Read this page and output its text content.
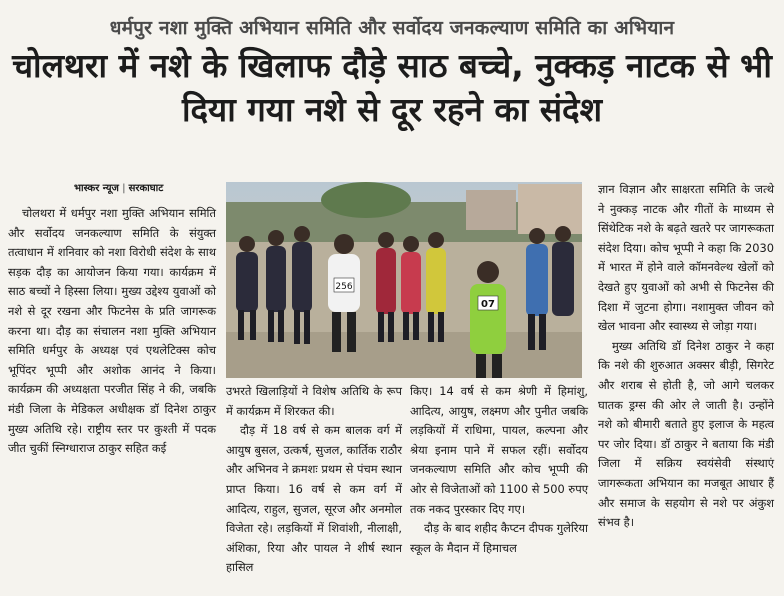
धर्मपुर नशा मुक्ति अभियान समिति और सर्वोदय जनकल्याण समिति का अभियान
चोलथरा में नशे के खिलाफ दौड़े साठ बच्चे, नुक्कड़ नाटक से भी दिया गया नशे से दूर रहने का संदेश
भास्कर न्यूज | सरकाघाट

चोलथरा में धर्मपुर नशा मुक्ति अभियान समिति और सर्वोदय जनकल्याण समिति के संयुक्त तत्वाधान में शनिवार को नशा विरोधी संदेश के साथ सड़क दौड़ का आयोजन किया गया। कार्यक्रम में साठ बच्चों ने हिस्सा लिया। मुख्य उद्देश्य युवाओं को नशे से दूर रखना और फिटनेस के प्रति जागरूक करना था। दौड़ का संचालन नशा मुक्ति अभियान समिति धर्मपुर के अध्यक्ष एवं एथलेटिक्स कोच भूपिंदर भूप्पी और अशोक आनंद ने किया। कार्यक्रम की अध्यक्षता परजीत सिंह ने की, जबकि मंडी जिला के मेडिकल अधीक्षक डॉ दिनेश ठाकुर मुख्य अतिथि रहे। राष्ट्रीय स्तर पर कुश्ती में पदक जीत चुकीं स्निग्धाराज ठाकुर सहित कई

256
07

उभरते खिलाड़ियों ने विशेष अतिथि के रूप में कार्यक्रम में शिरकत की।

दौड़ में 18 वर्ष से कम बालक वर्ग में आयुष बुसल, उत्कर्ष, सुजल, कार्तिक राठौर और अभिनव ने क्रमशः प्रथम से पंचम स्थान प्राप्त किया। 16 वर्ष से कम वर्ग में आदित्य, राहुल, सुजल, सूरज और अनमोल विजेता रहे। लड़कियों में शिवांशी, नीलाक्षी, अंशिका, रिया और पायल ने शीर्ष स्थान हासिल

किए। 14 वर्ष से कम श्रेणी में हिमांशु, आदित्य, आयुष, लक्ष्मण और पुनीत जबकि लड़कियों में राधिमा, पायल, कल्पना और श्रेया इनाम पाने में सफल रहीं। सर्वोदय जनकल्याण समिति और कोच भूप्पी की ओर से विजेताओं को 1100 से 500 रुपए तक नकद पुरस्कार दिए गए।

दौड़ के बाद शहीद कैप्टन दीपक गुलेरिया स्कूल के मैदान में हिमाचल

ज्ञान विज्ञान और साक्षरता समिति के जत्थे ने नुक्कड़ नाटक और गीतों के माध्यम से सिंथेटिक नशे के बढ़ते खतरे पर जागरूकता संदेश दिया। कोच भूप्पी ने कहा कि 2030 में भारत में होने वाले कॉमनवेल्थ खेलों को देखते हुए युवाओं को अभी से फिटनेस की दिशा में जुटना होगा। नशामुक्त जीवन को खेल भावना और स्वास्थ्य से जोड़ा गया।

मुख्य अतिथि डॉ दिनेश ठाकुर ने कहा कि नशे की शुरुआत अक्सर बीड़ी, सिगरेट और शराब से होती है, जो आगे चलकर घातक ड्रग्स की ओर ले जाती है। उन्होंने नशे को बीमारी बताते हुए इलाज के महत्व पर जोर दिया। डॉ ठाकुर ने बताया कि मंडी जिला में सक्रिय स्वयंसेवी संस्थाएं जागरूकता अभियान का मजबूत आधार हैं और समाज के सहयोग से नशे पर अंकुश संभव है।
